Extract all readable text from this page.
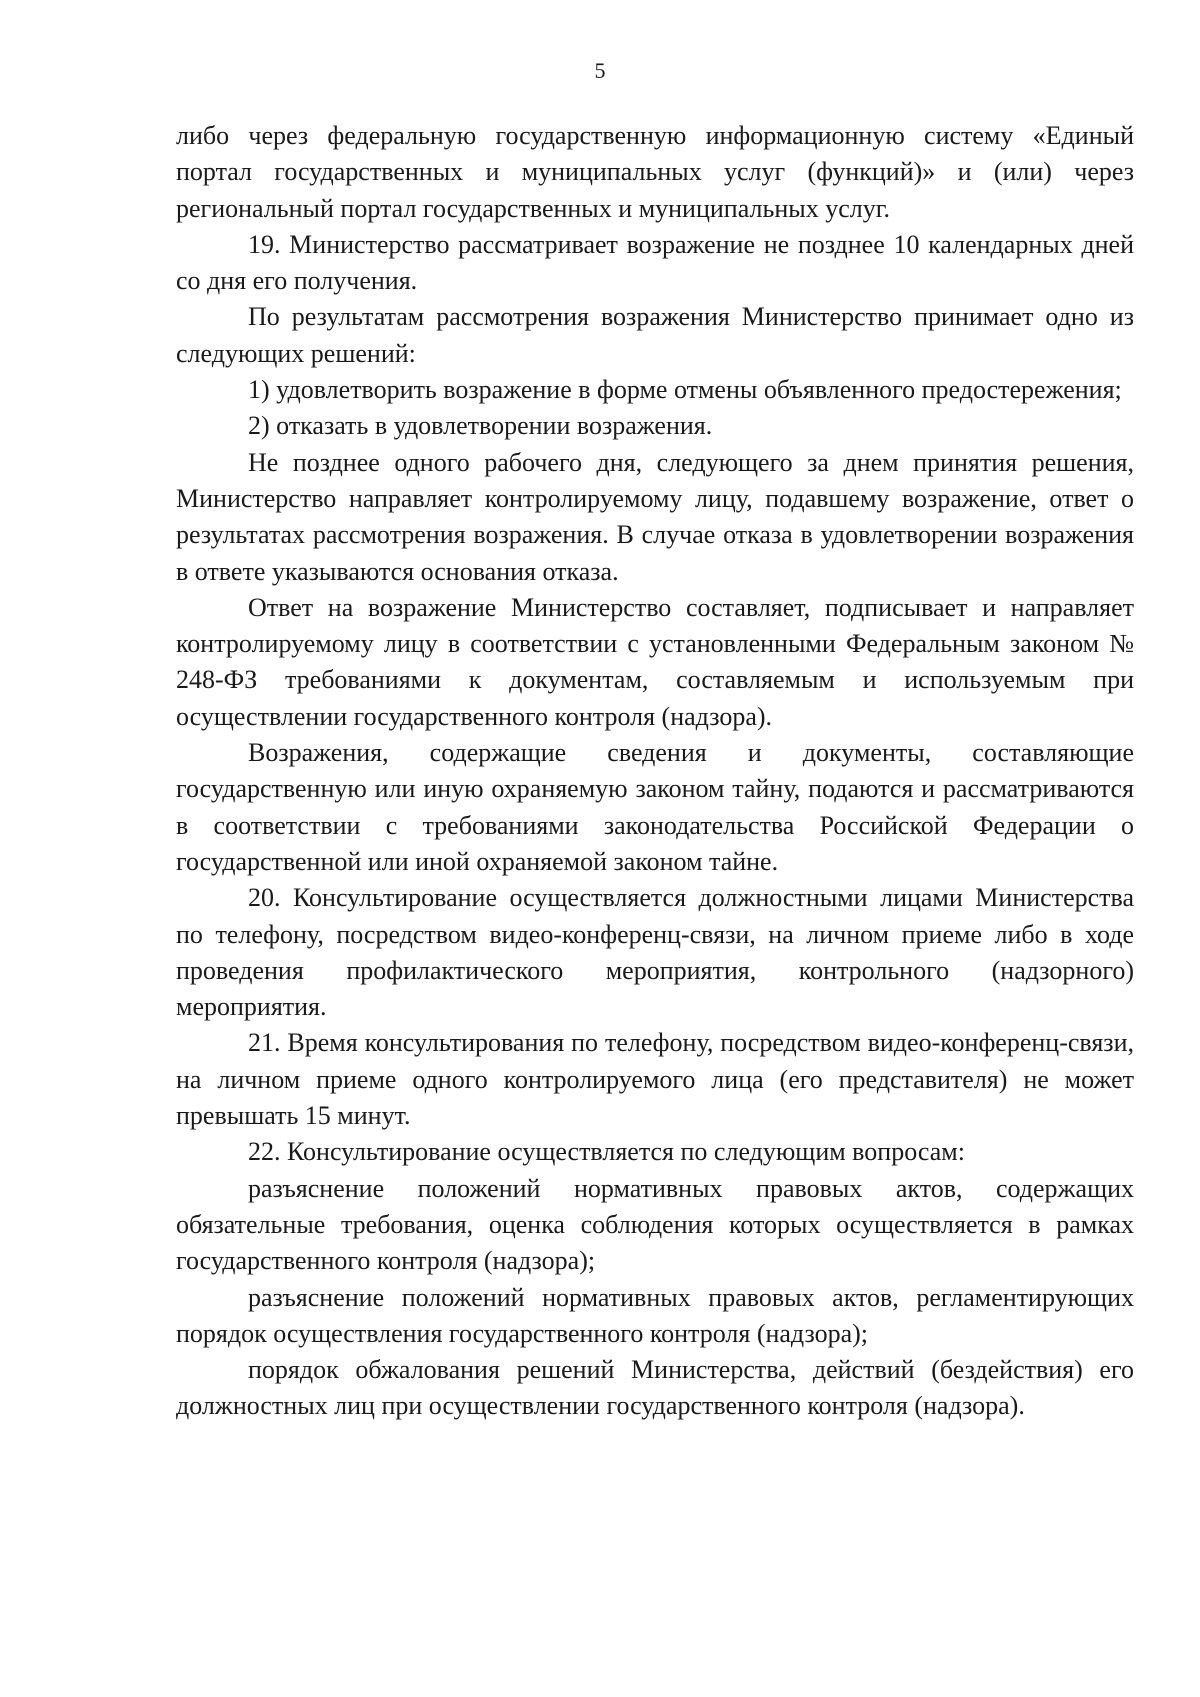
5

либо через федеральную государственную информационную систему «Единый портал государственных и муниципальных услуг (функций)» и (или) через региональный портал государственных и муниципальных услуг.

19. Министерство рассматривает возражение не позднее 10 календарных дней со дня его получения.

По результатам рассмотрения возражения Министерство принимает одно из следующих решений:

1) удовлетворить возражение в форме отмены объявленного предостережения;

2) отказать в удовлетворении возражения.

Не позднее одного рабочего дня, следующего за днем принятия решения, Министерство направляет контролируемому лицу, подавшему возражение, ответ о результатах рассмотрения возражения. В случае отказа в удовлетворении возражения в ответе указываются основания отказа.

Ответ на возражение Министерство составляет, подписывает и направляет контролируемому лицу в соответствии с установленными Федеральным законом № 248-ФЗ требованиями к документам, составляемым и используемым при осуществлении государственного контроля (надзора).

Возражения, содержащие сведения и документы, составляющие государственную или иную охраняемую законом тайну, подаются и рассматриваются в соответствии с требованиями законодательства Российской Федерации о государственной или иной охраняемой законом тайне.

20. Консультирование осуществляется должностными лицами Министерства по телефону, посредством видео-конференц-связи, на личном приеме либо в ходе проведения профилактического мероприятия, контрольного (надзорного) мероприятия.

21. Время консультирования по телефону, посредством видео-конференц-связи, на личном приеме одного контролируемого лица (его представителя) не может превышать 15 минут.

22. Консультирование осуществляется по следующим вопросам:

разъяснение положений нормативных правовых актов, содержащих обязательные требования, оценка соблюдения которых осуществляется в рамках государственного контроля (надзора);

разъяснение положений нормативных правовых актов, регламентирующих порядок осуществления государственного контроля (надзора);

порядок обжалования решений Министерства, действий (бездействия) его должностных лиц при осуществлении государственного контроля (надзора).
